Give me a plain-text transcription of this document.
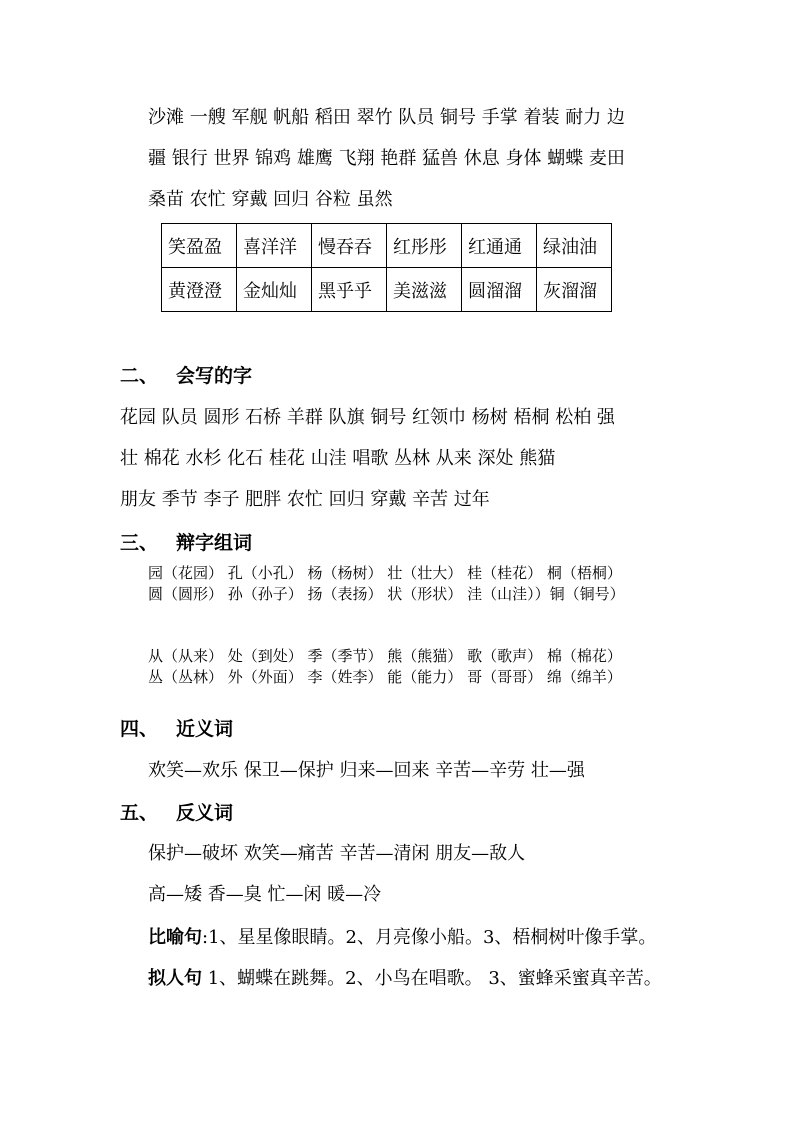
沙滩 一艘 军舰 帆船 稻田 翠竹 队员 铜号 手掌 着装 耐力 边
疆 银行 世界 锦鸡 雄鹰 飞翔 艳群 猛兽 休息 身体 蝴蝶 麦田
桑苗 农忙 穿戴 回归 谷粒 虽然
笑盈盈	喜洋洋	慢吞吞	红彤彤	红通通	绿油油
黄澄澄	金灿灿	黑乎乎	美滋滋	圆溜溜	灰溜溜
二、 会写的字
花园 队员 圆形 石桥 羊群 队旗 铜号 红领巾 杨树 梧桐 松柏 强
壮 棉花 水杉 化石 桂花 山洼 唱歌 丛林 从来 深处 熊猫
朋友 季节 李子 肥胖 农忙 回归 穿戴 辛苦 过年
三、 辩字组词
园（花园） 孔（小孔） 杨（杨树） 壮（壮大） 桂（桂花） 桐（梧桐）
圆（圆形） 孙（孙子） 扬（表扬） 状（形状） 洼（山洼））铜（铜号）
从（从来） 处（到处） 季（季节） 熊（熊猫） 歌（歌声） 棉（棉花）
丛（丛林） 外（外面） 李（姓李） 能（能力） 哥（哥哥） 绵（绵羊）
四、 近义词
欢笑—欢乐 保卫—保护 归来—回来 辛苦—辛劳 壮—强
五、 反义词
保护—破坏 欢笑—痛苦 辛苦—清闲 朋友—敌人
高—矮 香—臭 忙—闲 暖—冷
比喻句:1、星星像眼睛。2、月亮像小船。3、梧桐树叶像手掌。
拟人句 1、蝴蝶在跳舞。2、小鸟在唱歌。 3、蜜蜂采蜜真辛苦。
